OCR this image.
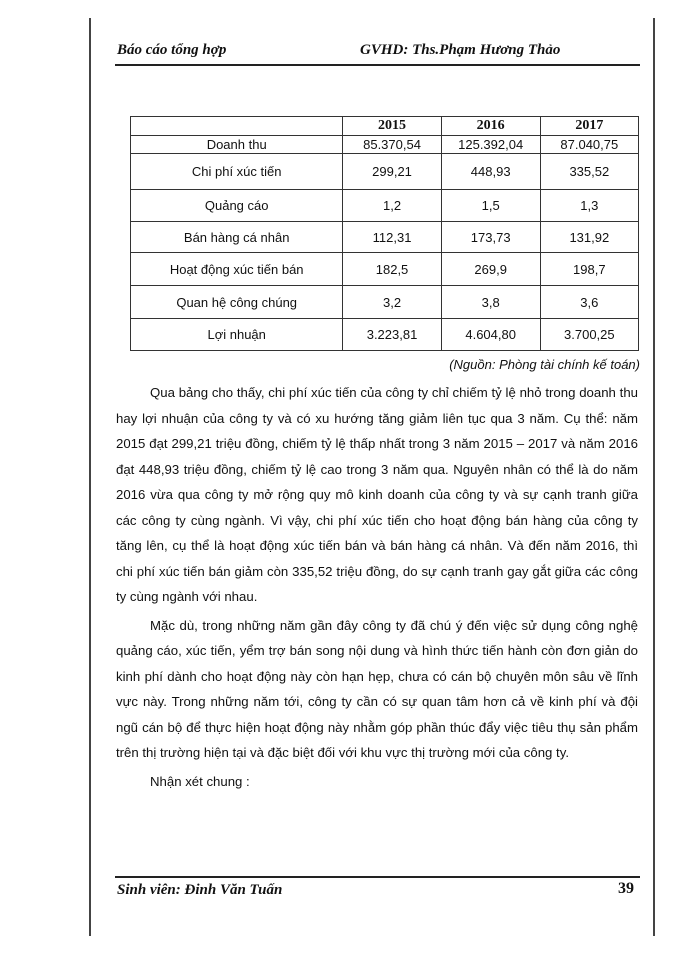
Báo cáo tổng hợp	GVHD: Ths.Phạm Hương Thảo
	2015	2016	2017
Doanh thu	85.370,54	125.392,04	87.040,75
Chi phí xúc tiến	299,21	448,93	335,52
Quảng cáo	1,2	1,5	1,3
Bán hàng cá nhân	112,31	173,73	131,92
Hoạt động xúc tiến bán	182,5	269,9	198,7
Quan hệ công chúng	3,2	3,8	3,6
Lợi nhuận	3.223,81	4.604,80	3.700,25
(Nguồn: Phòng tài chính kế toán)

Qua bảng cho thấy, chi phí xúc tiến của công ty chỉ chiếm tỷ lệ nhỏ trong doanh thu hay lợi nhuận của công ty và có xu hướng tăng giảm liên tục qua 3 năm. Cụ thể: năm 2015 đạt 299,21 triệu đồng, chiếm tỷ lệ thấp nhất trong 3 năm 2015 – 2017 và năm 2016 đạt 448,93 triệu đồng, chiếm tỷ lệ cao trong 3 năm qua. Nguyên nhân có thể là do năm 2016 vừa qua công ty mở rộng quy mô kinh doanh của công ty và sự cạnh tranh giữa các công ty cùng ngành. Vì vậy, chi phí xúc tiến cho hoạt động bán hàng của công ty tăng lên, cụ thể là hoạt động xúc tiến bán và bán hàng cá nhân. Và đến năm 2016, thì chi phí xúc tiến bán giảm còn 335,52 triệu đồng, do sự cạnh tranh gay gắt giữa các công ty cùng ngành với nhau.

Mặc dù, trong những năm gần đây công ty đã chú ý đến việc sử dụng công nghệ quảng cáo, xúc tiến, yểm trợ bán song nội dung và hình thức tiến hành còn đơn giản do kinh phí dành cho hoạt động này còn hạn hẹp, chưa có cán bộ chuyên môn sâu về lĩnh vực này. Trong những năm tới, công ty cần có sự quan tâm hơn cả về kinh phí và đội ngũ cán bộ để thực hiện hoạt động này nhằm góp phần thúc đẩy việc tiêu thụ sản phẩm trên thị trường hiện tại và đặc biệt đối với khu vực thị trường mới của công ty.

Nhận xét chung :

Sinh viên: Đinh Văn Tuấn	39
